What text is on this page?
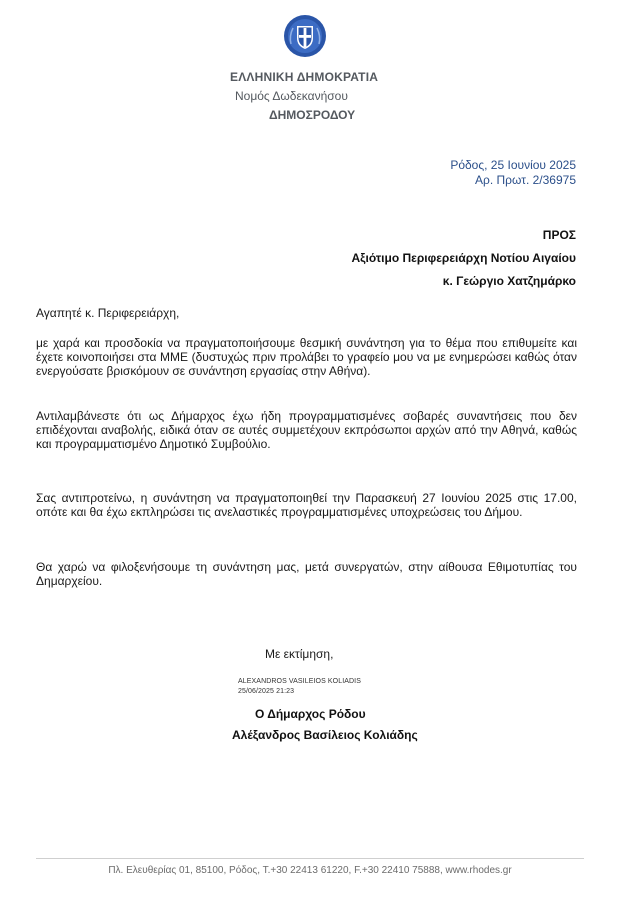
ΕΛΛΗΝΙΚΗ ΔΗΜΟΚΡΑΤΙΑ
Νομός Δωδεκανήσου
ΔΗΜΟΣΡΟΔΟΥ
Ρόδος, 25 Ιουνίου 2025
Αρ. Πρωτ. 2/36975
ΠΡΟΣ
Αξιότιμο Περιφερειάρχη Νοτίου Αιγαίου
κ. Γεώργιο Χατζημάρκο
Αγαπητέ κ. Περιφερειάρχη,
με χαρά και προσδοκία να πραγματοποιήσουμε θεσμική συνάντηση για το θέμα που επιθυμείτε και έχετε κοινοποιήσει στα ΜΜΕ (δυστυχώς πριν προλάβει το γραφείο μου να με ενημερώσει καθώς όταν ενεργούσατε βρισκόμουν σε συνάντηση εργασίας στην Αθήνα).
Αντιλαμβάνεστε ότι ως Δήμαρχος έχω ήδη προγραμματισμένες σοβαρές συναντήσεις που δεν επιδέχονται αναβολής, ειδικά όταν σε αυτές συμμετέχουν εκπρόσωποι αρχών από την Αθηνά, καθώς και προγραμματισμένο Δημοτικό Συμβούλιο.
Σας αντιπροτείνω, η συνάντηση να πραγματοποιηθεί την Παρασκευή 27 Ιουνίου 2025 στις 17.00, οπότε και θα έχω εκπληρώσει τις ανελαστικές προγραμματισμένες υποχρεώσεις του Δήμου.
Θα χαρώ να φιλοξενήσουμε τη συνάντηση μας, μετά συνεργατών, στην αίθουσα Εθιμοτυπίας του Δημαρχείου.
Με εκτίμηση,
ALEXANDROS VASILEIOS KOLIADIS
25/06/2025 21:23
Ο Δήμαρχος Ρόδου
Αλέξανδρος Βασίλειος Κολιάδης
Πλ. Ελευθερίας 01, 85100, Ρόδος, Τ.+30 22413 61220, F.+30 22410 75888, www.rhodes.gr
